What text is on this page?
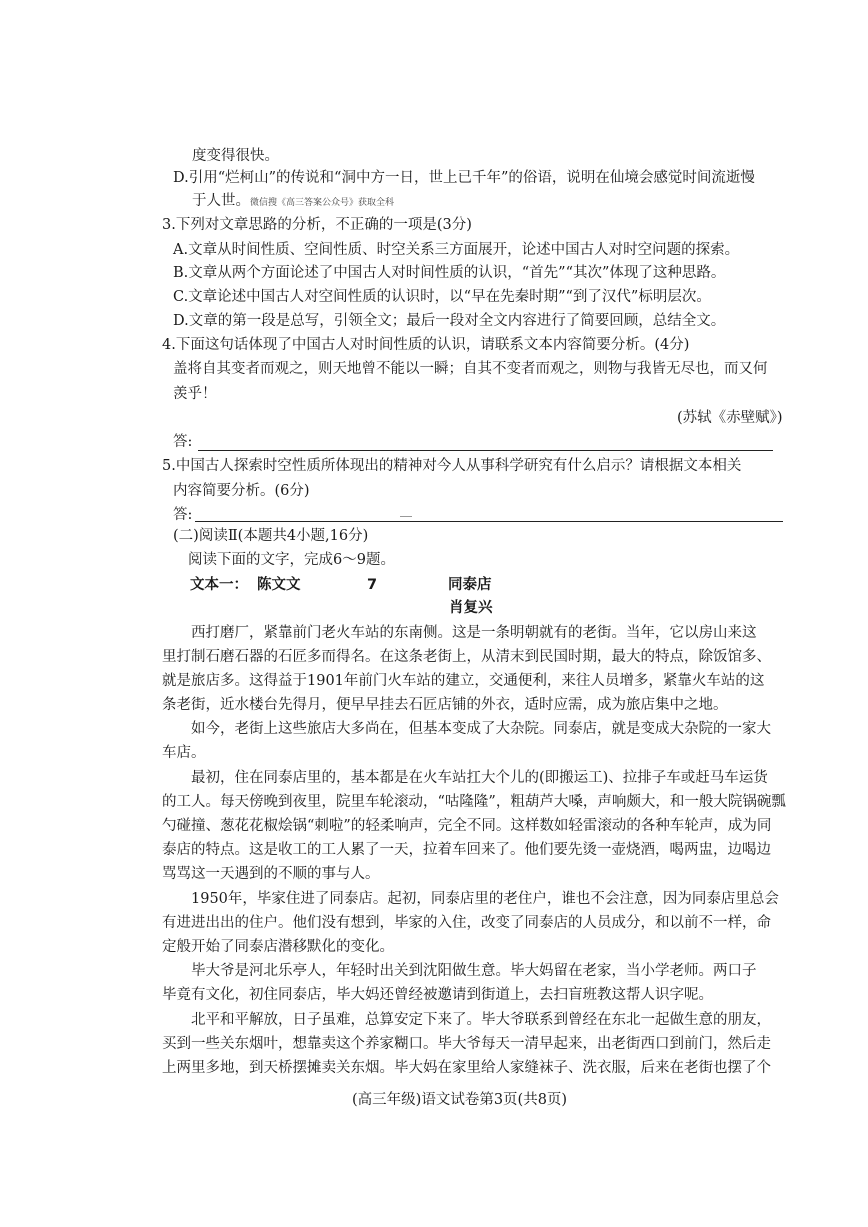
度变得很快。
D.引用“烂柯山”的传说和“洞中方一日，世上已千年”的俗语，说明在仙境会感觉时间流逝慢
于人世。微信搜《高三答案公众号》获取全科
3.下列对文章思路的分析，不正确的一项是(3分)
A.文章从时间性质、空间性质、时空关系三方面展开，论述中国古人对时空问题的探索。
B.文章从两个方面论述了中国古人对时间性质的认识，“首先”“其次”体现了这种思路。
C.文章论述中国古人对空间性质的认识时，以“早在先秦时期”“到了汉代”标明层次。
D.文章的第一段是总写，引领全文；最后一段对全文内容进行了简要回顾，总结全文。
4.下面这句话体现了中国古人对时间性质的认识，请联系文本内容简要分析。(4分)
盖将自其变者而观之，则天地曾不能以一瞬；自其不变者而观之，则物与我皆无尽也，而又何
羡乎！
(苏轼《赤壁赋》)
答:
5.中国古人探索时空性质所体现出的精神对今人从事科学研究有什么启示？请根据文本相关
内容简要分析。(6分)
答:
(二)阅读Ⅱ(本题共4小题,16分)
阅读下面的文字，完成6～9题。
文本一： 陈文文	7	同泰店
肖复兴
西打磨厂，紧靠前门老火车站的东南侧。这是一条明朝就有的老街。当年，它以房山来这
里打制石磨石器的石匠多而得名。在这条老街上，从清末到民国时期，最大的特点，除饭馆多、
就是旅店多。这得益于1901年前门火车站的建立，交通便利，来往人员增多，紧靠火车站的这
条老街，近水楼台先得月，便早早挂去石匠店铺的外衣，适时应需，成为旅店集中之地。
如今，老街上这些旅店大多尚在，但基本变成了大杂院。同泰店，就是变成大杂院的一家大
车店。
最初，住在同泰店里的，基本都是在火车站扛大个儿的(即搬运工)、拉排子车或赶马车运货
的工人。每天傍晚到夜里，院里车轮滚动，“咕隆隆”，粗葫芦大嗓，声响颇大，和一般大院锅碗瓢
勺碰撞、葱花花椒烩锅“刺啦”的轻柔响声，完全不同。这样数如轻雷滚动的各种车轮声，成为同
泰店的特点。这是收工的工人累了一天，拉着车回来了。他们要先烫一壶烧酒，喝两盅，边喝边
骂骂这一天遇到的不顺的事与人。
1950年，毕家住进了同泰店。起初，同泰店里的老住户，谁也不会注意，因为同泰店里总会
有进进出出的住户。他们没有想到，毕家的入住，改变了同泰店的人员成分，和以前不一样，命
定般开始了同泰店潜移默化的变化。
毕大爷是河北乐亭人，年轻时出关到沈阳做生意。毕大妈留在老家，当小学老师。两口子
毕竟有文化，初住同泰店，毕大妈还曾经被邀请到街道上，去扫盲班教这帮人识字呢。
北平和平解放，日子虽难，总算安定下来了。毕大爷联系到曾经在东北一起做生意的朋友，
买到一些关东烟叶，想靠卖这个养家糊口。毕大爷每天一清早起来，出老街西口到前门，然后走
上两里多地，到天桥摆摊卖关东烟。毕大妈在家里给人家缝袜子、洗衣服，后来在老街也摆了个
(高三年级)语文试卷第3页(共8页)
